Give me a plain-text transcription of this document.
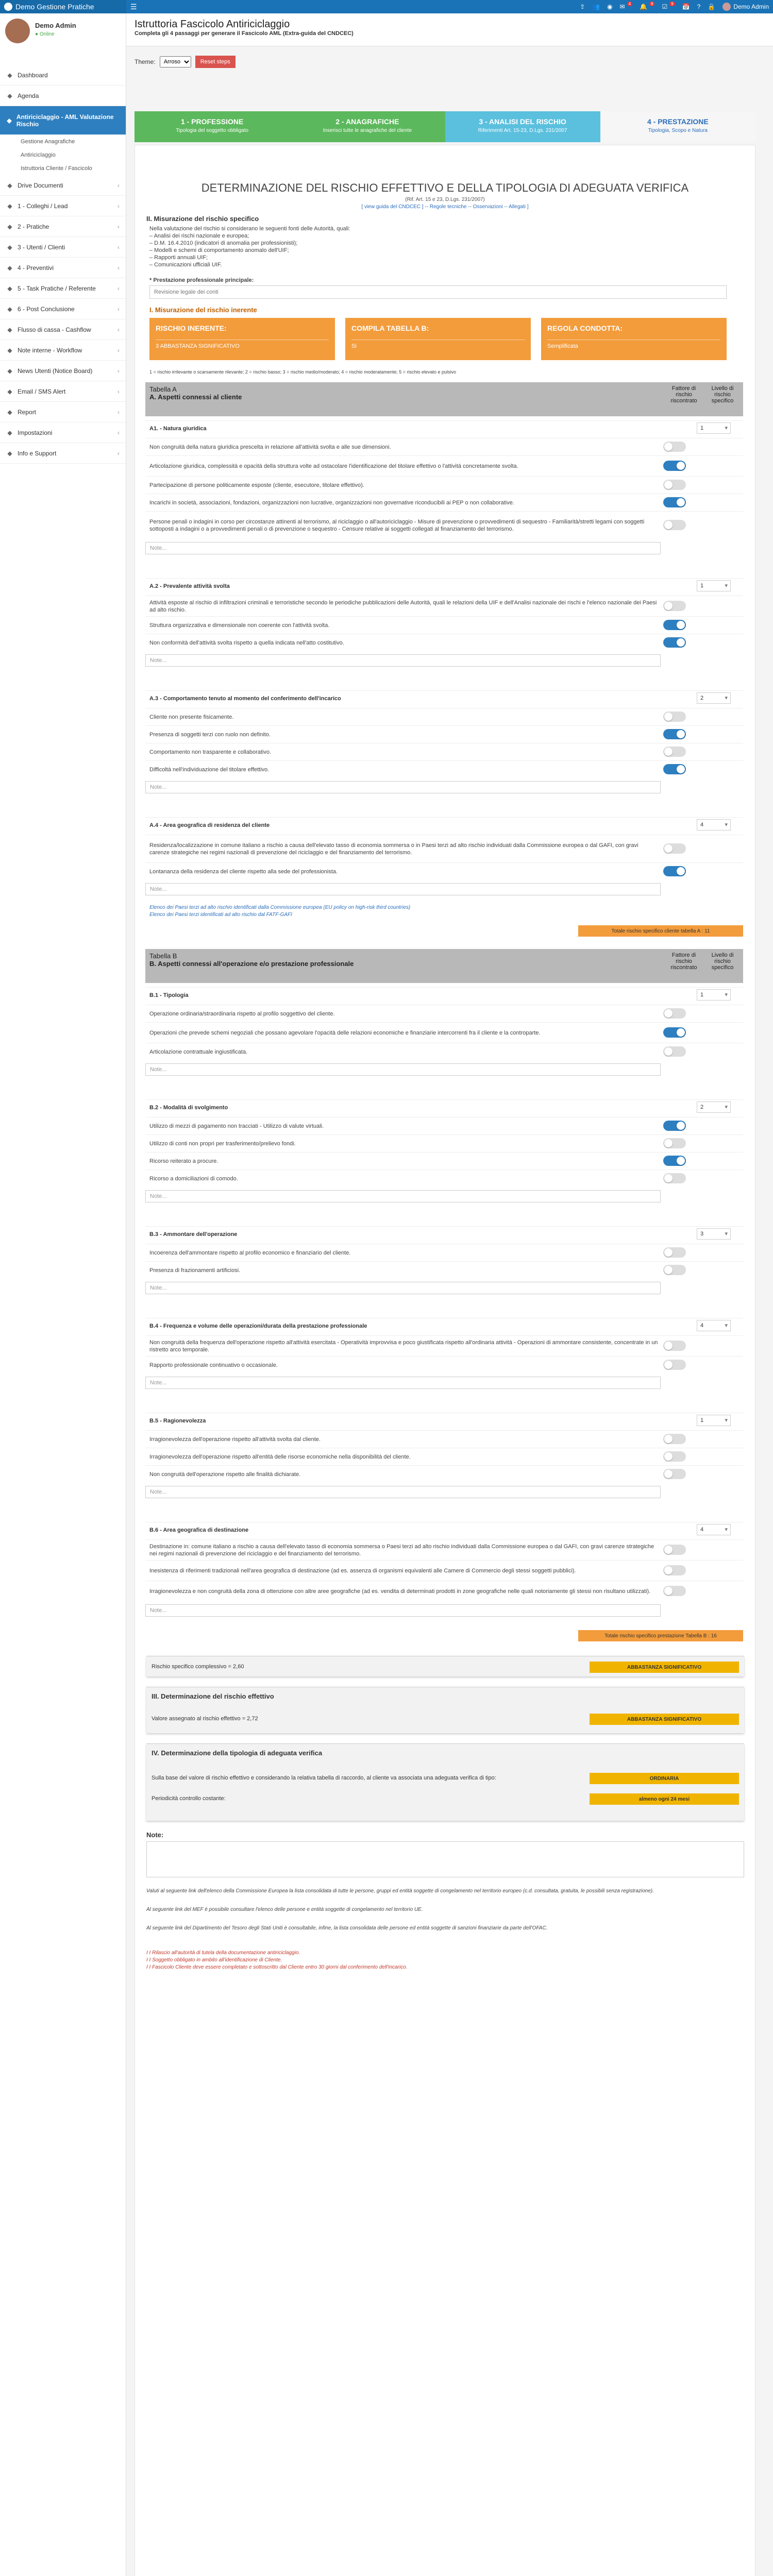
Demo Gestione Pratiche	☰	⇪ 👥 ◉ ✉ 4 🔔 8 ☑ 9 📅 ? 🔒	Demo Admin
Demo Admin
● Online
◆ Dashboard
◆ Agenda
◆ Antiriciclaggio - AML Valutazione Rischio
Gestione Anagrafiche
Antiriciclaggio
Istruttoria Cliente / Fascicolo
◆ Drive Documenti	‹
◆ 1 - Colleghi / Lead	‹
◆ 2 - Pratiche	‹
◆ 3 - Utenti / Clienti	‹
◆ 4 - Preventivi	‹
◆ 5 - Task Pratiche / Referente	‹
◆ 6 - Post Conclusione	‹
◆ Flusso di cassa - Cashflow	‹
◆ Note interne - Workflow	‹
◆ News Utenti (Notice Board)	‹
◆ Email / SMS Alert	‹
◆ Report	‹
◆ Impostazioni	‹
◆ Info e Support	‹
Istruttoria Fascicolo Antiriciclaggio
Completa gli 4 passaggi per generare il Fascicolo AML (Extra-guida del CNDCEC)
Theme:
Arroso	Reset steps
1 - PROFESSIONE
Tipologia del soggetto obbligato
2 - ANAGRAFICHE
Inserisci tutte le anagrafiche del cliente
3 - ANALISI DEL RISCHIO
Riferimenti Art. 15-23, D.Lgs. 231/2007
4 - PRESTAZIONE
Tipologia, Scopo e Natura
DETERMINAZIONE DEL RISCHIO EFFETTIVO E DELLA TIPOLOGIA DI ADEGUATA VERIFICA
(Rif. Art. 15 e 23, D.Lgs. 231/2007)
[ view guida del CNDCEC ] -- Regole tecniche -- Osservazioni -- Allegati ]
II. Misurazione del rischio specifico
Nella valutazione del rischio si considerano le seguenti fonti delle Autorità, quali:
– Analisi dei rischi nazionale e europea;
– D.M. 16.4.2010 (indicatori di anomalia per professionisti);
– Modelli e schemi di comportamento anomalo dell'UIF;
– Rapporti annuali UIF;
– Comunicazioni ufficiali UIF.
* Prestazione professionale principale:
Revisione legale dei conti
I. Misurazione del rischio inerente
RISCHIO INERENTE:
3 ABBASTANZA SIGNIFICATIVO
COMPILA TABELLA B:
Si
REGOLA CONDOTTA:
Semplificata
1 = rischio irrilevante o scarsamente rilevante; 2 = rischio basso; 3 = rischio medio/moderato; 4 = rischio moderatamente; 5 = rischio elevato e pulsivo
Tabella A
A. Aspetti connessi al cliente
Fattore di rischio riscontrato
Livello di rischio specifico
A1. - Natura giuridica	1 ▾
Non congruità della natura giuridica prescelta in relazione all'attività svolta e alle sue dimensioni.
Articolazione giuridica, complessità e opacità della struttura volte ad ostacolare l'identificazione del titolare effettivo o l'attività concretamente svolta.
Partecipazione di persone politicamente esposte (cliente, esecutore, titolare effettivo).
Incarichi in società, associazioni, fondazioni, organizzazioni non lucrative, organizzazioni non governative riconducibili ai PEP o non collaborative.
Persone penali o indagini in corso per circostanze attinenti al terrorismo, al riciclaggio o all'autoriciclaggio - Misure di prevenzione o provvedimenti di sequestro - Familiarità/stretti legami con soggetti sottoposti a indagini o a provvedimenti penali o di prevenzione o sequestro - Censure relative ai soggetti collegati al finanziamento del terrorismo.
Note...
A.2 - Prevalente attività svolta	1 ▾
Attività esposte al rischio di infiltrazioni criminali e terroristiche secondo le periodiche pubblicazioni delle Autorità, quali le relazioni della UIF e dell'Analisi nazionale dei rischi e l'elenco nazionale dei Paesi ad alto rischio.
Struttura organizzativa e dimensionale non coerente con l'attività svolta.
Non conformità dell'attività svolta rispetto a quella indicata nell'atto costitutivo.
Note...
A.3 - Comportamento tenuto al momento del conferimento dell'incarico	2 ▾
Cliente non presente fisicamente.
Presenza di soggetti terzi con ruolo non definito.
Comportamento non trasparente e collaborativo.
Difficoltà nell'individuazione del titolare effettivo.
Note...
A.4 - Area geografica di residenza del cliente	4 ▾
Residenza/localizzazione in comune italiano a rischio a causa dell'elevato tasso di economia sommersa o in Paesi terzi ad alto rischio individuati dalla Commissione europea o dal GAFI, con gravi carenze strategiche nei regimi nazionali di prevenzione del riciclaggio e del finanziamento del terrorismo.
Lontananza della residenza del cliente rispetto alla sede del professionista.
Note...
Elenco dei Paesi terzi ad alto rischio identificati dalla Commissione europea (EU policy on high-risk third countries)
Elenco dei Paesi terzi identificati ad alto rischio dal FATF-GAFI
Totale rischio specifico cliente tabella A : 11
Tabella B
B. Aspetti connessi all'operazione e/o prestazione professionale
Fattore di rischio riscontrato
Livello di rischio specifico
B.1 - Tipologia	1 ▾
Operazione ordinaria/straordinaria rispetto al profilo soggettivo del cliente.
Operazioni che prevede schemi negoziali che possano agevolare l'opacità delle relazioni economiche e finanziarie intercorrenti fra il cliente e la controparte.
Articolazione contrattuale ingiustificata.
Note...
B.2 - Modalità di svolgimento	2 ▾
Utilizzo di mezzi di pagamento non tracciati - Utilizzo di valute virtuali.
Utilizzo di conti non propri per trasferimento/prelievo fondi.
Ricorso reiterato a procure.
Ricorso a domiciliazioni di comodo.
Note...
B.3 - Ammontare dell'operazione	3 ▾
Incoerenza dell'ammontare rispetto al profilo economico e finanziario del cliente.
Presenza di frazionamenti artificiosi.
Note...
B.4 - Frequenza e volume delle operazioni/durata della prestazione professionale	4 ▾
Non congruità della frequenza dell'operazione rispetto all'attività esercitata - Operatività improvvisa e poco giustificata rispetto all'ordinaria attività - Operazioni di ammontare consistente, concentrate in un ristretto arco temporale.
Rapporto professionale continuativo o occasionale.
Note...
B.5 - Ragionevolezza	1 ▾
Irragionevolezza dell'operazione rispetto all'attività svolta dal cliente.
Irragionevolezza dell'operazione rispetto all'entità delle risorse economiche nella disponibilità del cliente.
Non congruità dell'operazione rispetto alle finalità dichiarate.
Note...
B.6 - Area geografica di destinazione	4 ▾
Destinazione in: comune italiano a rischio a causa dell'elevato tasso di economia sommersa o Paesi terzi ad alto rischio individuati dalla Commissione europea o dal GAFI, con gravi carenze strategiche nei regimi nazionali di prevenzione del riciclaggio e del finanziamento del terrorismo.
Inesistenza di riferimenti tradizionali nell'area geografica di destinazione (ad es. assenza di organismi equivalenti alle Camere di Commercio degli stessi soggetti pubblici).
Irragionevolezza e non congruità della zona di ottenzione con altre aree geografiche (ad es. vendita di determinati prodotti in zone geografiche nelle quali notoriamente gli stessi non risultano utilizzati).
Note...
Totale rischio specifico prestazione Tabella B : 16
Rischio specifico complessivo = 2,60	ABBASTANZA SIGNIFICATIVO
III. Determinazione del rischio effettivo
Valore assegnato al rischio effettivo = 2,72	ABBASTANZA SIGNIFICATIVO
IV. Determinazione della tipologia di adeguata verifica
Sulla base del valore di rischio effettivo e considerando la relativa tabella di raccordo, al cliente va associata una adeguata verifica di tipo:	ORDINARIA
Periodicità controllo costante:	almeno ogni 24 mesi
Note:
Valuti al seguente link dell'elenco della Commissione Europea la lista consolidata di tutte le persone, gruppi ed entità soggette di congelamento nel territorio europeo (c.d. consultata, gratuita, le possibili senza registrazione).
Al seguente link del MEF è possibile consultare l'elenco delle persone e entità soggette di congelamento nel territorio UE.
Al seguente link del Dipartimento del Tesoro degli Stati Uniti è consultabile, infine, la lista consolidata delle persone ed entità soggette di sanzioni finanziarie da parte dell'OFAC.
I I Rilascio all'autorità di tutela della documentazione antiriciclaggio.
I I Soggetto obbligato in ambito all'identificazione di Cliente.
I I Fascicolo Cliente deve essere completato e sottoscritto dal Cliente entro 30 giorni dal conferimento dell'incarico.
